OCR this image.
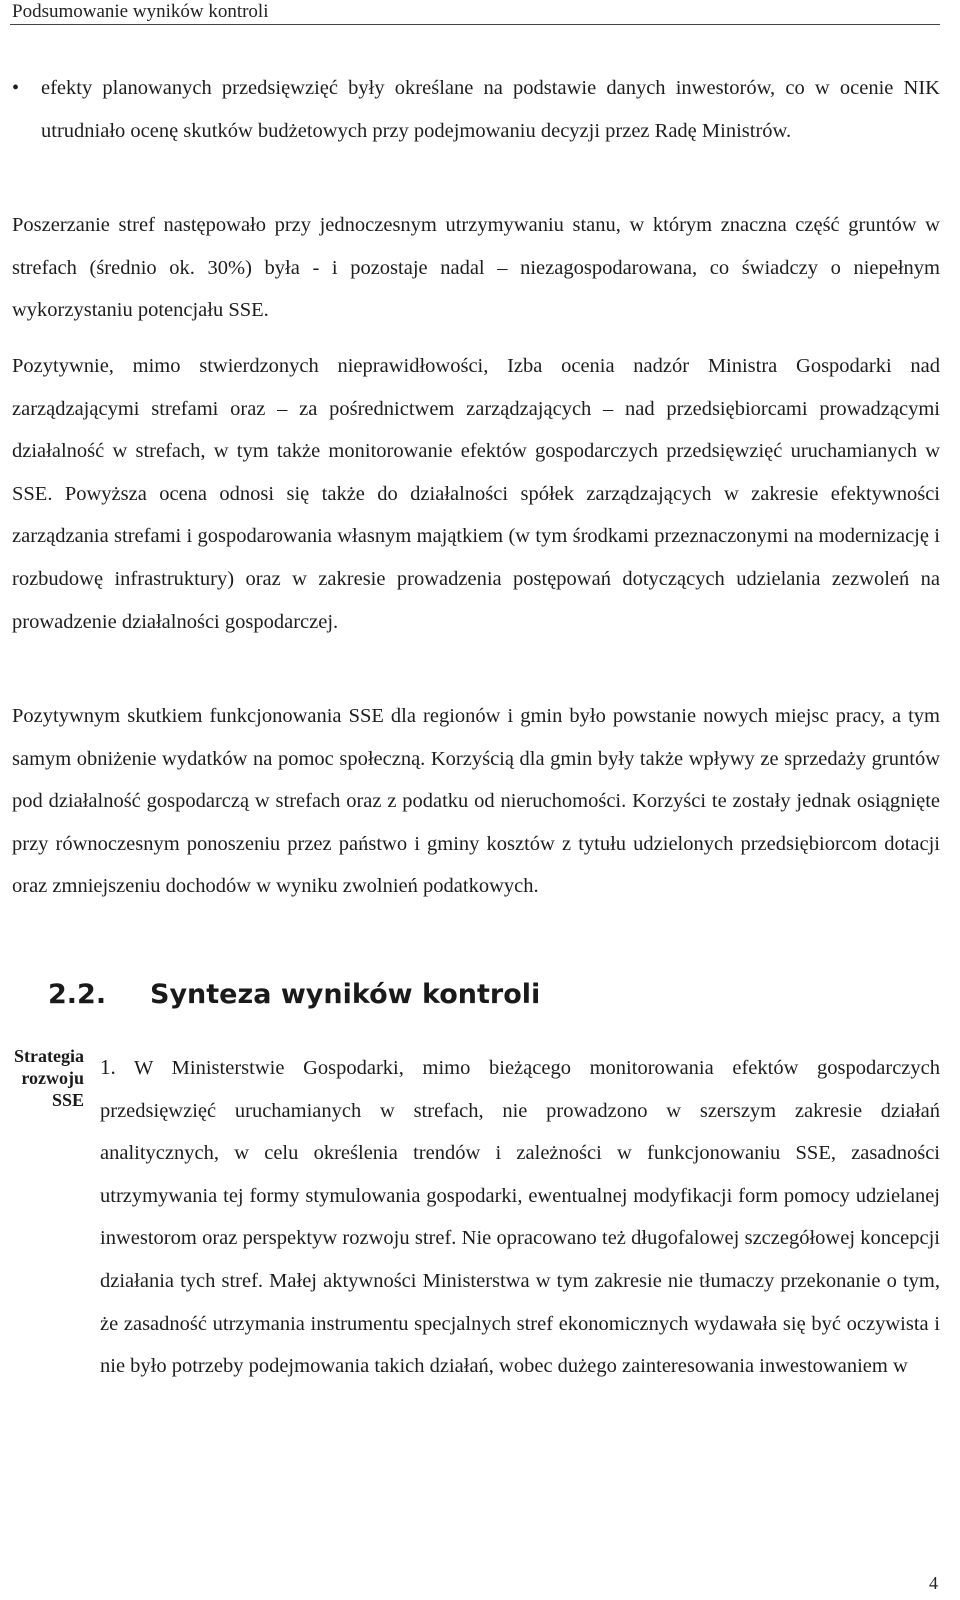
Podsumowanie wyników kontroli
• efekty planowanych przedsięwzięć były określane na podstawie danych inwestorów, co w ocenie NIK utrudniało ocenę skutków budżetowych przy podejmowaniu decyzji przez Radę Ministrów.

Poszerzanie stref następowało przy jednoczesnym utrzymywaniu stanu, w którym znaczna część gruntów w strefach (średnio ok. 30%) była - i pozostaje nadal – niezagospodarowana, co świadczy o niepełnym wykorzystaniu potencjału SSE.

Pozytywnie, mimo stwierdzonych nieprawidłowości, Izba ocenia nadzór Ministra Gospodarki nad zarządzającymi strefami oraz – za pośrednictwem zarządzających – nad przedsiębiorcami prowadzącymi działalność w strefach, w tym także monitorowanie efektów gospodarczych przedsięwzięć uruchamianych w SSE. Powyższa ocena odnosi się także do działalności spółek zarządzających w zakresie efektywności zarządzania strefami i gospodarowania własnym majątkiem (w tym środkami przeznaczonymi na modernizację i rozbudowę infrastruktury) oraz w zakresie prowadzenia postępowań dotyczących udzielania zezwoleń na prowadzenie działalności gospodarczej.

Pozytywnym skutkiem funkcjonowania SSE dla regionów i gmin było powstanie nowych miejsc pracy, a tym samym obniżenie wydatków na pomoc społeczną. Korzyścią dla gmin były także wpływy ze sprzedaży gruntów pod działalność gospodarczą w strefach oraz z podatku od nieruchomości. Korzyści te zostały jednak osiągnięte przy równoczesnym ponoszeniu przez państwo i gminy kosztów z tytułu udzielonych przedsiębiorcom dotacji oraz zmniejszeniu dochodów w wyniku zwolnień podatkowych.

2.2. Synteza wyników kontroli
Strategia
rozwoju
SSE

1. W Ministerstwie Gospodarki, mimo bieżącego monitorowania efektów gospodarczych przedsięwzięć uruchamianych w strefach, nie prowadzono w szerszym zakresie działań analitycznych, w celu określenia trendów i zależności w funkcjonowaniu SSE, zasadności utrzymywania tej formy stymulowania gospodarki, ewentualnej modyfikacji form pomocy udzielanej inwestorom oraz perspektyw rozwoju stref. Nie opracowano też długofalowej szczegółowej koncepcji działania tych stref. Małej aktywności Ministerstwa w tym zakresie nie tłumaczy przekonanie o tym, że zasadność utrzymania instrumentu specjalnych stref ekonomicznych wydawała się być oczywista i nie było potrzeby podejmowania takich działań, wobec dużego zainteresowania inwestowaniem w

4
